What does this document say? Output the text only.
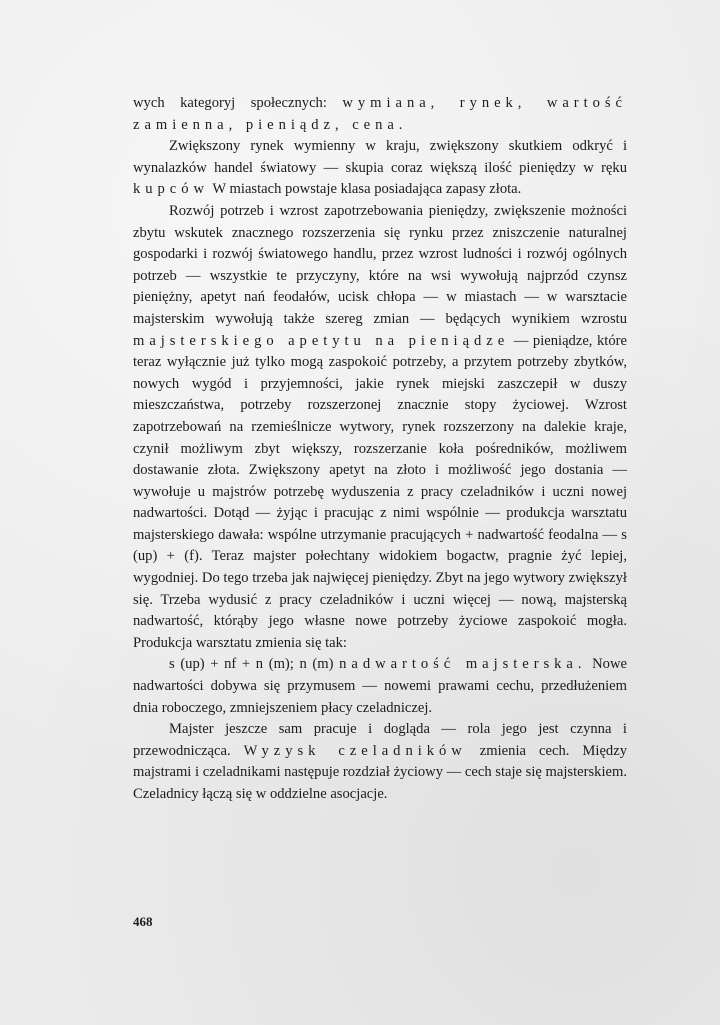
wych kategoryj społecznych: wymiana, rynek, wartość zamienna, pieniądz, cena.

Zwiększony rynek wymienny w kraju, zwiększony skutkiem odkryć i wynalazków handel światowy — skupia coraz większą ilość pieniędzy w ręku kupców W miastach powstaje klasa posiadająca zapasy złota.

Rozwój potrzeb i wzrost zapotrzebowania pieniędzy, zwiększenie możności zbytu wskutek znacznego rozszerzenia się rynku przez zniszczenie naturalnej gospodarki i rozwój światowego handlu, przez wzrost ludności i rozwój ogólnych potrzeb — wszystkie te przyczyny, które na wsi wywołują najprzód czynsz pieniężny, apetyt nań feodałów, ucisk chłopa — w miastach — w warsztacie majsterskim wywołują także szereg zmian — będących wynikiem wzrostu majsterskiego apetytu na pieniądze — pieniądze, które teraz wyłącznie już tylko mogą zaspokoić potrzeby, a przytem potrzeby zbytków, nowych wygód i przyjemności, jakie rynek miejski zaszczepił w duszy mieszczaństwa, potrzeby rozszerzonej znacznie stopy życiowej. Wzrost zapotrzebowań na rzemieślnicze wytwory, rynek rozszerzony na dalekie kraje, czynił możliwym zbyt większy, rozszerzanie koła pośredników, możliwem dostawanie złota. Zwiększony apetyt na złoto i możliwość jego dostania — wywołuje u majstrów potrzebę wyduszenia z pracy czeladników i uczni nowej nadwartości. Dotąd — żyjąc i pracując z nimi wspólnie — produkcja warsztatu majsterskiego dawała: wspólne utrzymanie pracujących + nadwartość feodalna — s (up) + (f). Teraz majster połechtany widokiem bogactw, pragnie żyć lepiej, wygodniej. Do tego trzeba jak najwięcej pieniędzy. Zbyt na jego wytwory zwiększył się. Trzeba wydusić z pracy czeladników i uczni więcej — nową, majsterską nadwartość, którąby jego własne nowe potrzeby życiowe zaspokoić mogła. Produkcja warsztatu zmienia się tak:

s (up) + nf + n (m); n (m) nadwartość majsterska. Nowe nadwartości dobywa się przymusem — nowemi prawami cechu, przedłużeniem dnia roboczego, zmniejszeniem płacy czeladniczej.

Majster jeszcze sam pracuje i dogląda — rola jego jest czynna i przewodnicząca. Wyzysk czeladników zmienia cech. Między majstrami i czeladnikami następuje rozdział życiowy — cech staje się majsterskiem. Czeladnicy łączą się w oddzielne asocjacje.

468
